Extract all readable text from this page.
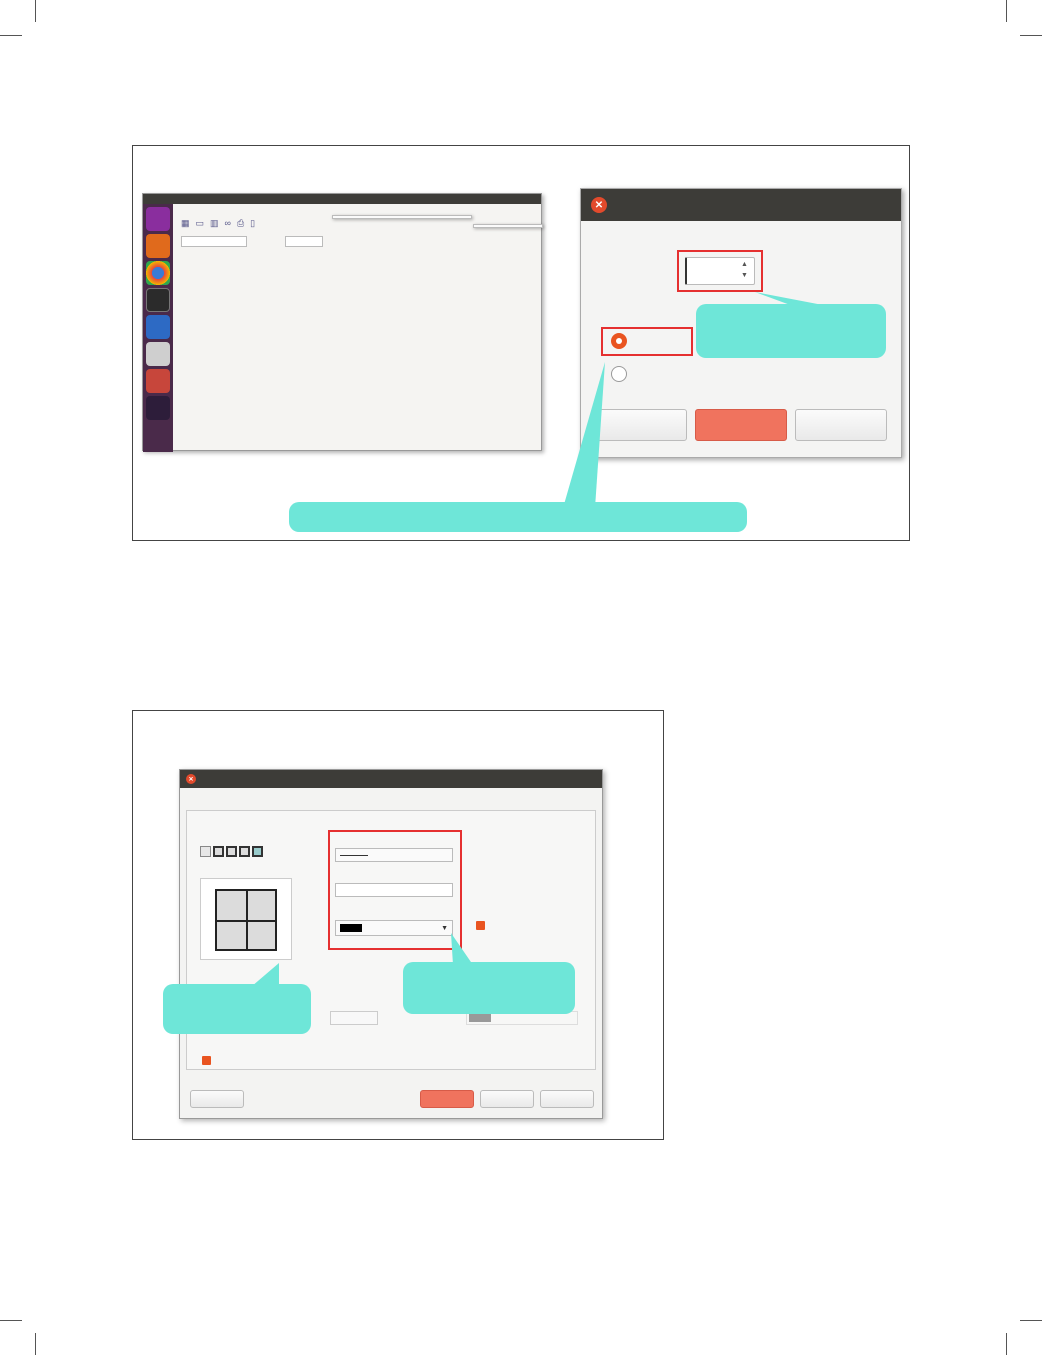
▦ ▭ ▥ ∞ ⎙ ▯
✕
▲
▼
✕
▼
